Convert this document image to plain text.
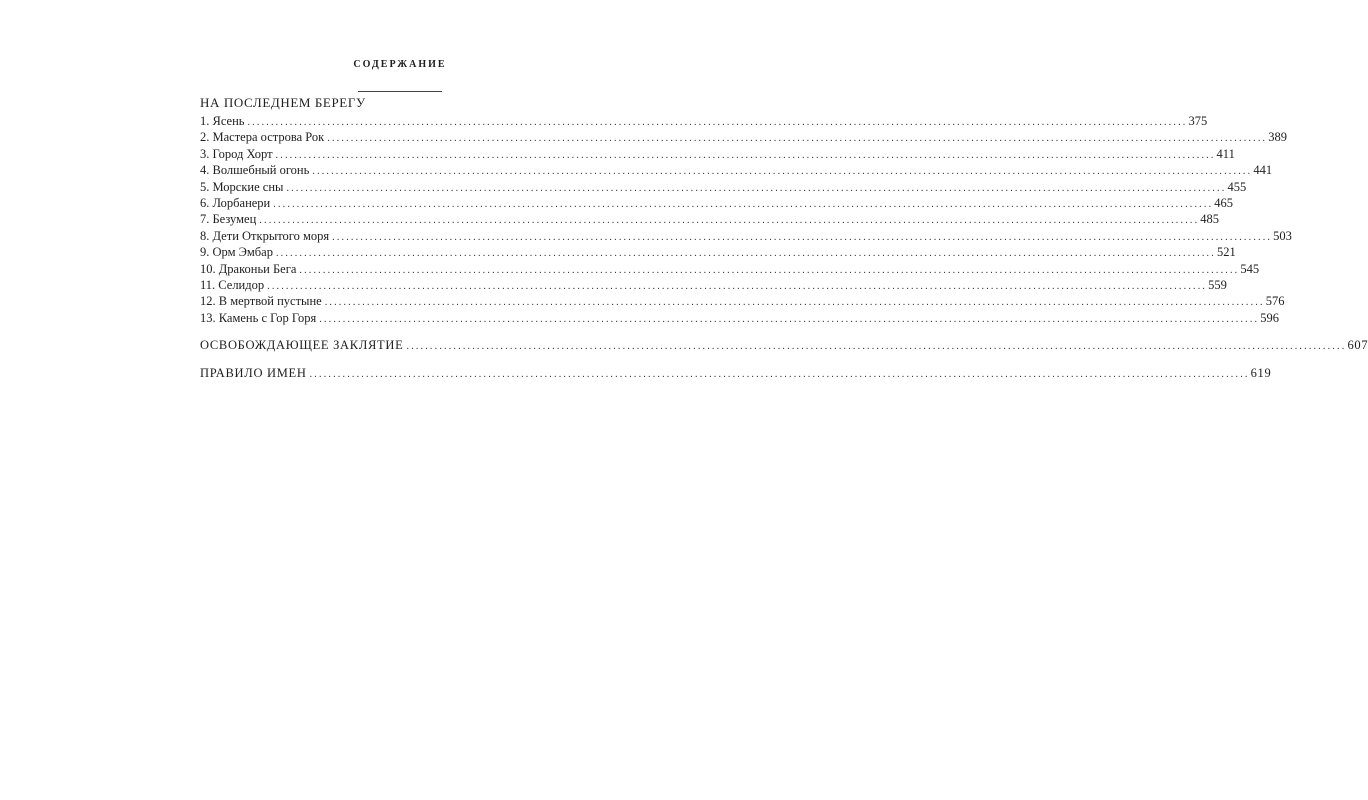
СОДЕРЖАНИЕ
НА ПОСЛЕДНЕМ БЕРЕГУ
1. Ясень ........................................................................................................................................................................................................ 375
2. Мастера острова Рок ........................................................................................................................................................................................................ 389
3. Город Хорт ........................................................................................................................................................................................................ 411
4. Волшебный огонь ........................................................................................................................................................................................................ 441
5. Морские сны ........................................................................................................................................................................................................ 455
6. Лорбанери ........................................................................................................................................................................................................ 465
7. Безумец ........................................................................................................................................................................................................ 485
8. Дети Открытого моря ........................................................................................................................................................................................................ 503
9. Орм Эмбар ........................................................................................................................................................................................................ 521
10. Драконьи Бега ........................................................................................................................................................................................................ 545
11. Селидор ........................................................................................................................................................................................................ 559
12. В мертвой пустыне ........................................................................................................................................................................................................ 576
13. Камень с Гор Горя ........................................................................................................................................................................................................ 596
ОСВОБОЖДАЮЩЕЕ ЗАКЛЯТИЕ ........................................................................................................................................................................................................ 607
ПРАВИЛО ИМЕН ........................................................................................................................................................................................................ 619
